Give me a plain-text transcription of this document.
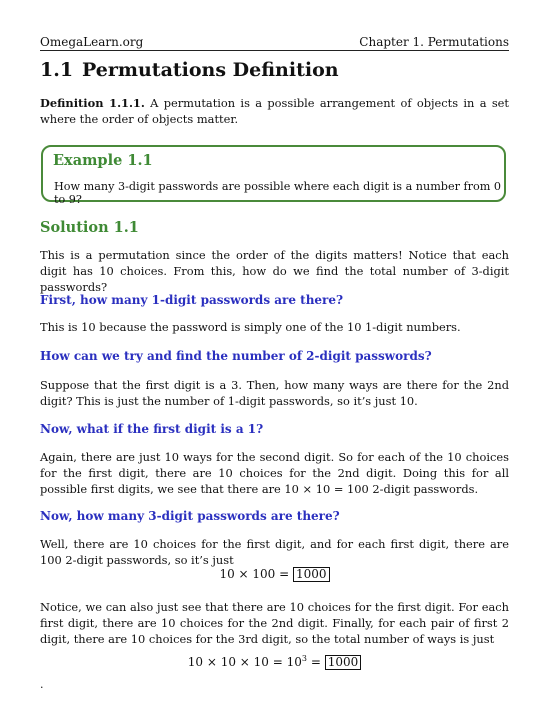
OmegaLearn.org	Chapter 1. Permutations
1.1 Permutations Definition
Definition 1.1.1. A permutation is a possible arrangement of objects in a set where the order of objects matter.
Example 1.1
How many 3-digit passwords are possible where each digit is a number from 0 to 9?
Solution 1.1
This is a permutation since the order of the digits matters! Notice that each digit has 10 choices. From this, how do we find the total number of 3-digit passwords?
First, how many 1-digit passwords are there?
This is 10 because the password is simply one of the 10 1-digit numbers.
How can we try and find the number of 2-digit passwords?
Suppose that the first digit is a 3. Then, how many ways are there for the 2nd digit? This is just the number of 1-digit passwords, so it’s just 10.
Now, what if the first digit is a 1?
Again, there are just 10 ways for the second digit. So for each of the 10 choices for the first digit, there are 10 choices for the 2nd digit. Doing this for all possible first digits, we see that there are 10 × 10 = 100 2-digit passwords.
Now, how many 3-digit passwords are there?
Well, there are 10 choices for the first digit, and for each first digit, there are 100 2-digit passwords, so it’s just
10 × 100 = 1000
Notice, we can also just see that there are 10 choices for the first digit. For each first digit, there are 10 choices for the 2nd digit. Finally, for each pair of first 2 digit, there are 10 choices for the 3rd digit, so the total number of ways is just
$10 \times 10 \times 10 = 10^3 = 1000$
.
